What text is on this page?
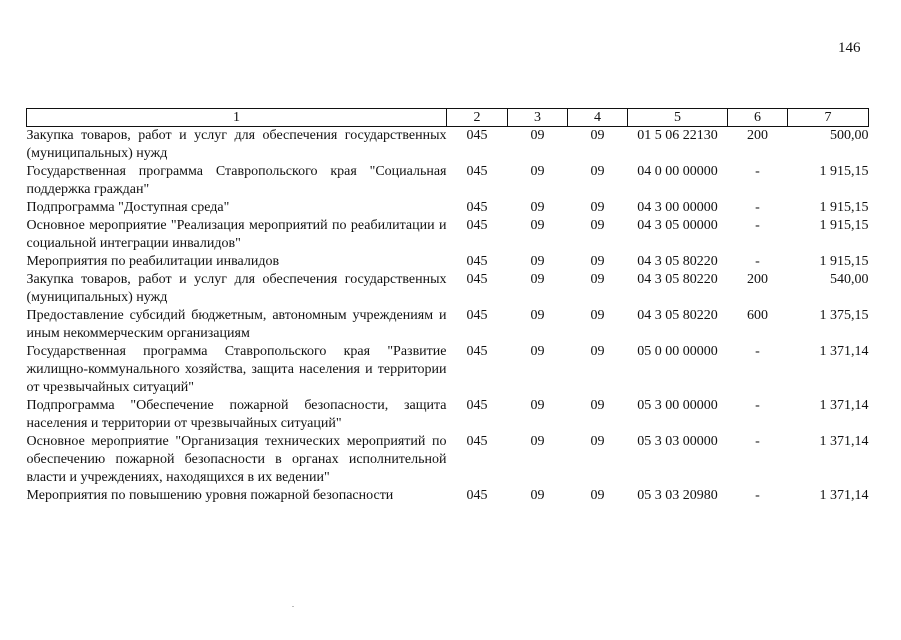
146
1	2	3	4	5	6	7
Закупка товаров, работ и услуг для обеспечения государственных (муниципальных) нужд	045	09	09	01 5 06 22130	200	500,00
Государственная программа Ставропольского края "Социальная поддержка граждан"	045	09	09	04 0 00 00000	-	1 915,15
Подпрограмма "Доступная среда"	045	09	09	04 3 00 00000	-	1 915,15
Основное мероприятие "Реализация мероприятий по реабилитации и социальной интеграции инвалидов"	045	09	09	04 3 05 00000	-	1 915,15
Мероприятия по реабилитации инвалидов	045	09	09	04 3 05 80220	-	1 915,15
Закупка товаров, работ и услуг для обеспечения государственных (муниципальных) нужд	045	09	09	04 3 05 80220	200	540,00
Предоставление субсидий бюджетным, автономным учреждениям и иным некоммерческим организациям	045	09	09	04 3 05 80220	600	1 375,15
Государственная программа Ставропольского края "Развитие жилищно-коммунального хозяйства, защита населения и территории от чрезвычайных ситуаций"	045	09	09	05 0 00 00000	-	1 371,14
Подпрограмма "Обеспечение пожарной безопасности, защита населения и территории от чрезвычайных ситуаций"	045	09	09	05 3 00 00000	-	1 371,14
Основное мероприятие "Организация технических мероприятий по обеспечению пожарной безопасности в органах исполнительной власти и учреждениях, находящихся в их ведении"	045	09	09	05 3 03 00000	-	1 371,14
Мероприятия по повышению уровня пожарной безопасности	045	09	09	05 3 03 20980	-	1 371,14
